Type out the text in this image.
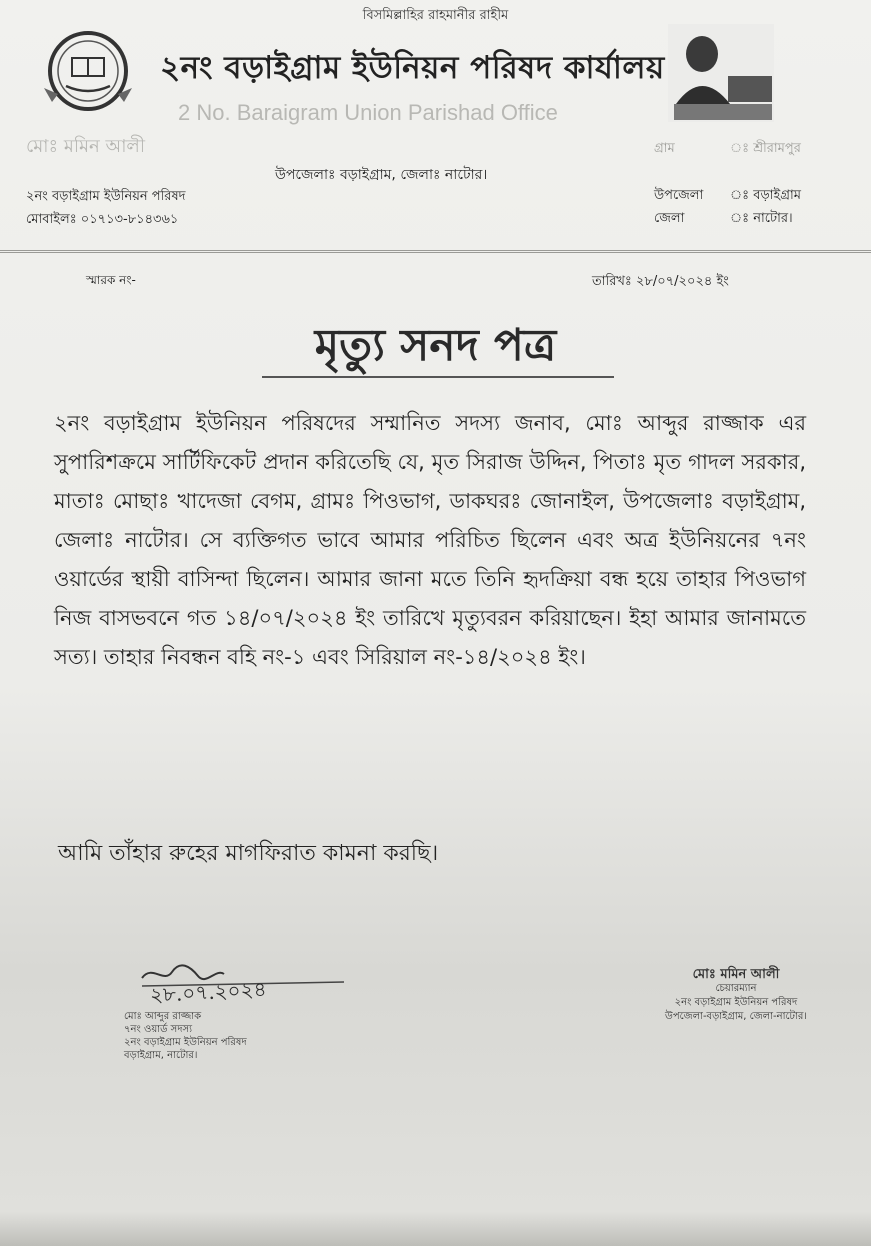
বিসমিল্লাহির রাহমানীর রাহীম
২নং বড়াইগ্রাম ইউনিয়ন পরিষদ কার্যালয়
2 No. Baraigram Union Parishad Office
মোঃ মমিন আলী
২নং বড়াইগ্রাম ইউনিয়ন পরিষদ
মোবাইলঃ ০১৭১৩-৮১৪৩৬১
উপজেলাঃ বড়াইগ্রাম, জেলাঃ নাটোর।
গ্রাম	ঃ শ্রীরামপুর
উপজেলা	ঃ বড়াইগ্রাম
জেলা	ঃ নাটোর।
স্মারক নং-	তারিখঃ ২৮/০৭/২০২৪ ইং
মৃত্যু সনদ পত্র
২নং বড়াইগ্রাম ইউনিয়ন পরিষদের সম্মানিত সদস্য জনাব, মোঃ আব্দুর রাজ্জাক এর সুপারিশক্রমে সার্টিফিকেট প্রদান করিতেছি যে, মৃত সিরাজ উদ্দিন, পিতাঃ মৃত গাদল সরকার, মাতাঃ মোছাঃ খাদেজা বেগম, গ্রামঃ পিওভাগ, ডাকঘরঃ জোনাইল, উপজেলাঃ বড়াইগ্রাম, জেলাঃ নাটোর। সে ব্যক্তিগত ভাবে আমার পরিচিত ছিলেন এবং অত্র ইউনিয়নের ৭নং ওয়ার্ডের স্থায়ী বাসিন্দা ছিলেন। আমার জানা মতে তিনি হৃদক্রিয়া বন্ধ হয়ে তাহার পিওভাগ নিজ বাসভবনে গত ১৪/০৭/২০২৪ ইং তারিখে মৃত্যুবরন করিয়াছেন। ইহা আমার জানামতে সত্য। তাহার নিবন্ধন বহি নং-১ এবং সিরিয়াল নং-১৪/২০২৪ ইং।
আমি তাঁহার রুহের মাগফিরাত কামনা করছি।
মোঃ আব্দুর রাজ্জাক
৭নং ওয়ার্ড সদস্য
২নং বড়াইগ্রাম ইউনিয়ন পরিষদ
বড়াইগ্রাম, নাটোর।
২৮.০৭.২০২৪
মোঃ মমিন আলী
চেয়ারম্যান
২নং বড়াইগ্রাম ইউনিয়ন পরিষদ
উপজেলা-বড়াইগ্রাম, জেলা-নাটোর।
